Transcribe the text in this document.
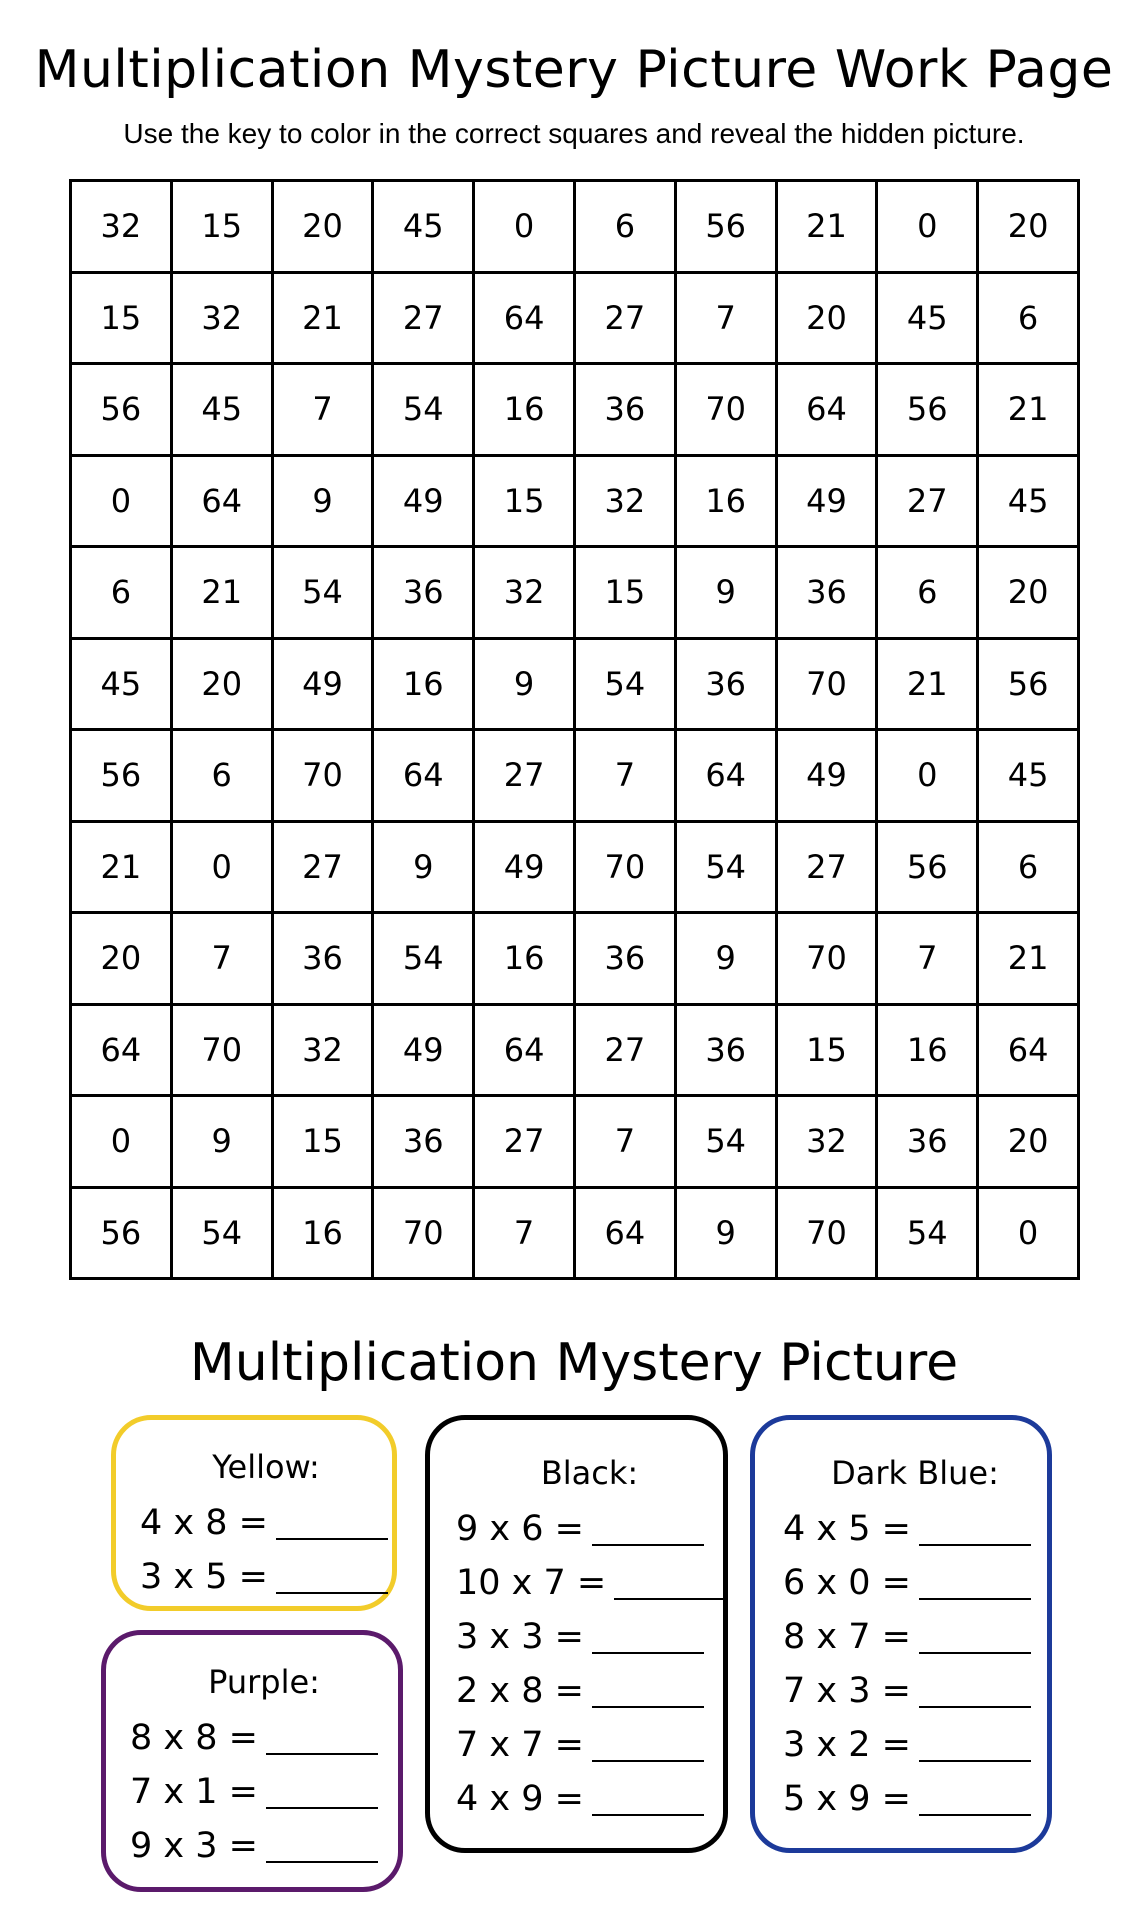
Multiplication Mystery Picture Work Page
Use the key to color in the correct squares and reveal the hidden picture.
32	15	20	45	0	6	56	21	0	20
15	32	21	27	64	27	7	20	45	6
56	45	7	54	16	36	70	64	56	21
0	64	9	49	15	32	16	49	27	45
6	21	54	36	32	15	9	36	6	20
45	20	49	16	9	54	36	70	21	56
56	6	70	64	27	7	64	49	0	45
21	0	27	9	49	70	54	27	56	6
20	7	36	54	16	36	9	70	7	21
64	70	32	49	64	27	36	15	16	64
0	9	15	36	27	7	54	32	36	20
56	54	16	70	7	64	9	70	54	0
Multiplication Mystery Picture
Yellow:
4 x 8 =
3 x 5 =
Purple:
8 x 8 =
7 x 1 =
9 x 3 =
Black:
9 x 6 =
10 x 7 =
3 x 3 =
2 x 8 =
7 x 7 =
4 x 9 =
Dark Blue:
4 x 5 =
6 x 0 =
8 x 7 =
7 x 3 =
3 x 2 =
5 x 9 =
